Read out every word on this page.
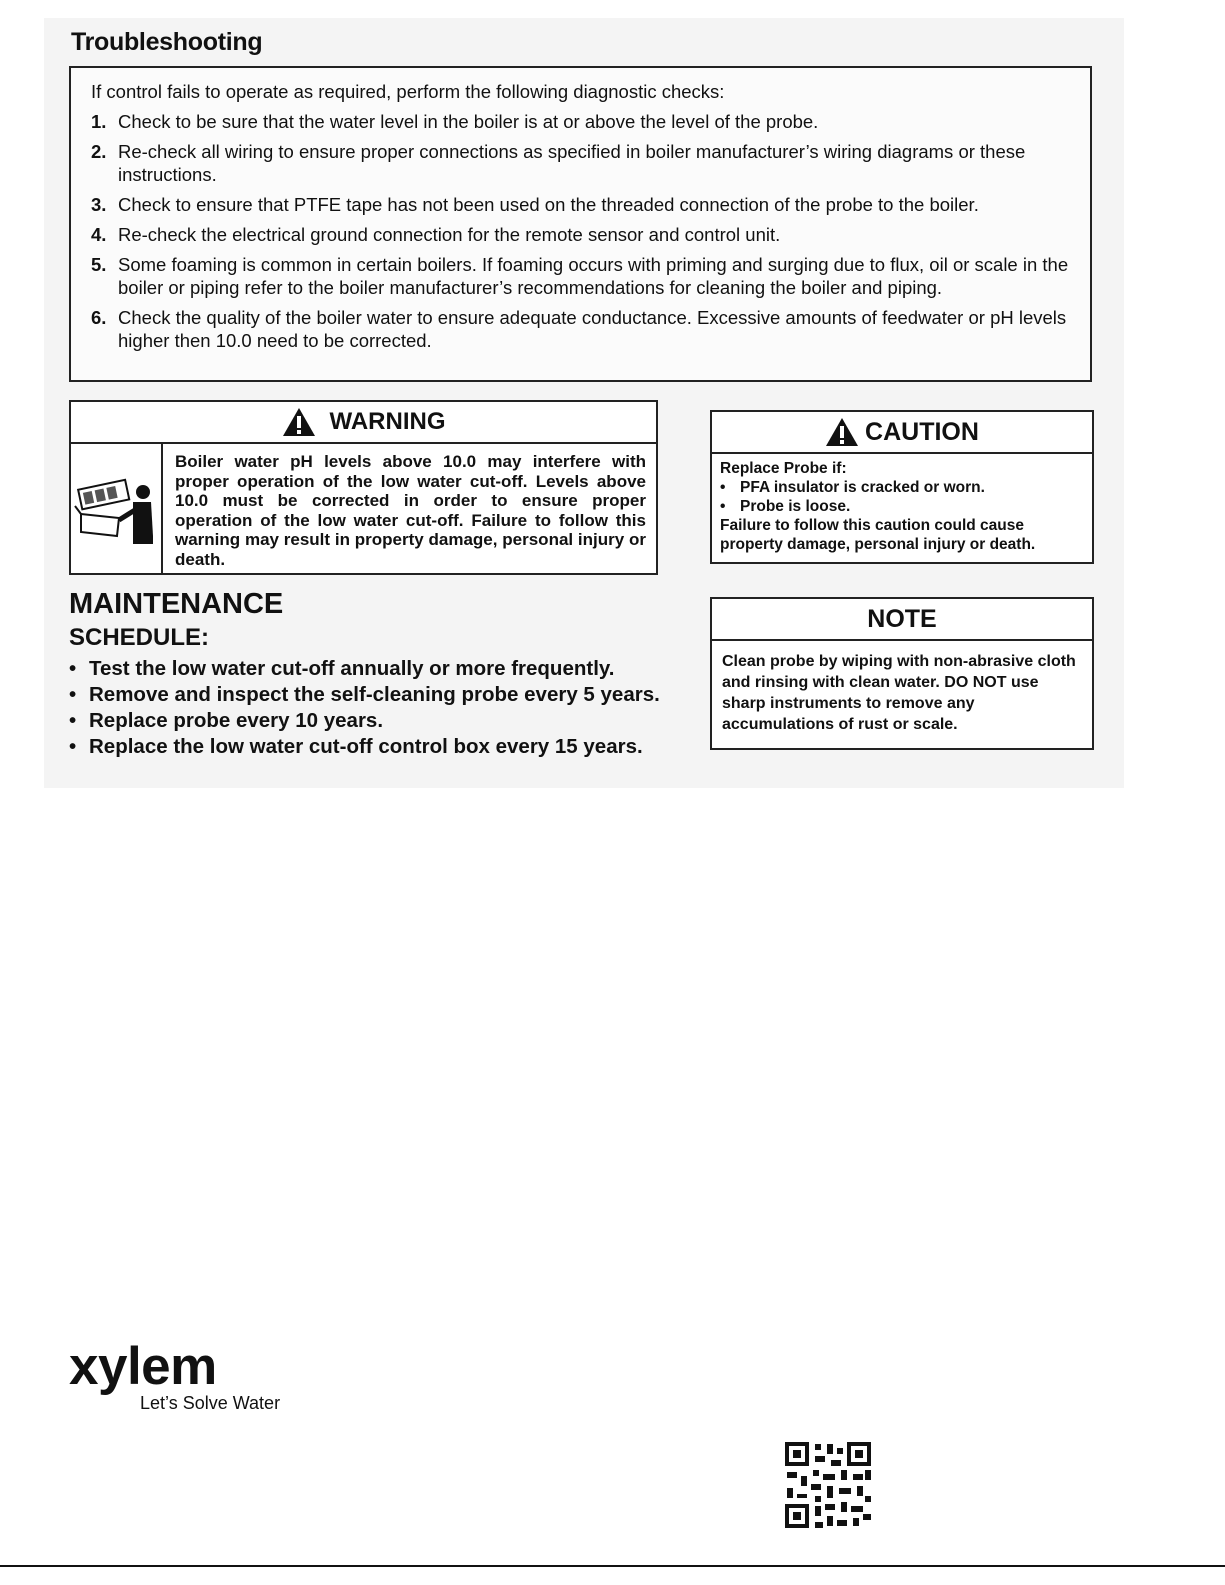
Troubleshooting

If control fails to operate as required, perform the following diagnostic checks:

1. Check to be sure that the water level in the boiler is at or above the level of the probe.
2. Re-check all wiring to ensure proper connections as specified in boiler manufacturer’s wiring diagrams or these instructions.
3. Check to ensure that PTFE tape has not been used on the threaded connection of the probe to the boiler.
4. Re-check the electrical ground connection for the remote sensor and control unit.
5. Some foaming is common in certain boilers. If foaming occurs with priming and surging due to flux, oil or scale in the boiler or piping refer to the boiler manufacturer’s recommendations for cleaning the boiler and piping.
6. Check the quality of the boiler water to ensure adequate conductance. Excessive amounts of feedwater or pH levels higher then 10.0 need to be corrected.
WARNING
Boiler water pH levels above 10.0 may interfere with proper operation of the low water cut-off. Levels above 10.0 must be corrected in order to ensure proper operation of the low water cut-off. Failure to follow this warning may result in property damage, personal injury or death.
CAUTION

Replace Probe if:

• PFA insulator is cracked or worn.
• Probe is loose.

Failure to follow this caution could cause property damage, personal injury or death.

MAINTENANCE
SCHEDULE:
• Test the low water cut-off annually or more frequently.
• Remove and inspect the self-cleaning probe every 5 years.
• Replace probe every 10 years.
• Replace the low water cut-off control box every 15 years.
NOTE
Clean probe by wiping with non-abrasive cloth and rinsing with clean water. DO NOT use sharp instruments to remove any accumulations of rust or scale.
xylem
Let’s Solve Water
